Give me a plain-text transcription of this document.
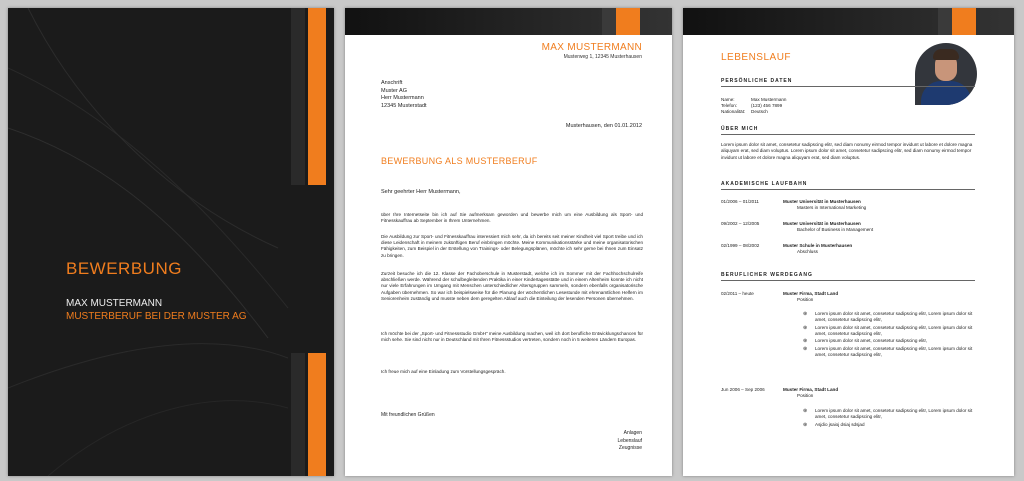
BEWERBUNG
MAX MUSTERMANN
MUSTERBERUF BEI DER MUSTER AG
MAX MUSTERMANN
Musterweg 1, 12345 Musterhausen
Anschrift
Muster AG
Herr Mustermann
12345 Musterstadt
Musterhausen, den 01.01.2012
BEWERBUNG ALS MUSTERBERUF
Sehr geehrter Herr Mustermann,
über Ihre Internetseite bin ich auf Sie aufmerksam geworden und bewerbe mich um eine Ausbildung als Sport- und Fitnesskauffrau ab September in Ihrem Unternehmen.
Die Ausbildung zur Sport- und Fitnesskauffrau interessiert mich sehr, da ich bereits seit meiner Kindheit viel Sport treibe und ich diese Leidenschaft in meinem zukünftigen Beruf einbringen möchte. Meine Kommunikationsstärke und meine organisatorischen Fähigkeiten, zum Beispiel in der Erstellung von Trainings- oder Belegungsplänen, möchte ich sehr gerne bei Ihnen zum Einsatz zu bringen.
Zurzeit besuche ich die 12. Klasse der Fachoberschule in Musterstadt, welche ich im Sommer mit der Fachhochschulreife abschließen werde. Während der schulbegleitenden Praktika in einer Kindertagesstätte und in einem Altenheim konnte ich nicht nur viele Erfahrungen im Umgang mit Menschen unterschiedlicher Altersgruppen sammeln, sondern ebenfalls organisatorische Aufgaben übernehmen. So war ich beispielsweise für die Planung der wöchentlichen Lesestunde mit ehrenamtlichen Helfern im Seniorenheim zuständig und musste neben dem geregelten Ablauf auch die Einteilung der lesenden Personen übernehmen.
Ich möchte bei der „Sport- und Fitnessstudio GmbH" meine Ausbildung machen, weil ich dort berufliche Entwicklungschancen für mich sehe. Sie sind nicht nur in Deutschland mit Ihren Fitnessstudios vertreten, sondern noch in 5 weiteren Ländern Europas.
Ich freue mich auf eine Einladung zum Vorstellungsgespräch.
Mit freundlichen Grüßen
Anlagen
Lebenslauf
Zeugnisse
LEBENSLAUF
PERSÖNLICHE DATEN
Name:	Max Mustermann
Telefon:	(123) 456 7899
Nationalität: Deutsch
ÜBER MICH
Lorem ipsum dolor sit amet, consetetur sadipscing elitr, sed diam nonumy eirmod tempor invidunt ut labore et dolore magna aliquyam erat, sed diam voluptus. Lorem ipsum dolor sit amet, consetetur sadipscing elitr, sed diam nonumy eirmod tempor invidunt ut labore et dolore magna aliquyam erat, sed diam voluptus.
AKADEMISCHE LAUFBAHN
01/2006 – 01/2011	Muster Universität in Musterhausen
Masters in International Marketing
09/2002 – 12/2005	Muster Universität in Musterhausen
Bachelor of Business in Management
02/1999 – 08/2002	Muster Schule in Musterhausen
Abschluss
BERUFLICHER WERDEGANG
02/2011 – heute	Muster Firma, Stadt Land
Position
⊛ Lorem ipsum dolor sit amet, consetetur sadipscing elitr, Lorem ipsum dolor sit amet, consetetur sadipscing elitr,
⊛ Lorem ipsum dolor sit amet, consetetur sadipscing elitr, Lorem ipsum dolor sit amet, consetetur sadipscing elitr,
⊛ Lorem ipsum dolor sit amet, consetetur sadipscing elitr,
⊛ Lorem ipsum dolor sit amet, consetetur sadipscing elitr, Lorem ipsum dolor sit amet, consetetur sadipscing elitr,
Jun 2006 – Sep 2006	Muster Firma, Stadt Land
Position
⊛ Lorem ipsum dolor sit amet, consetetur sadipscing elitr, Lorem ipsum dolor sit amet, consetetur sadipscing elitr,
⊛ Asjdio jsaioj dsiaj sdsjad
